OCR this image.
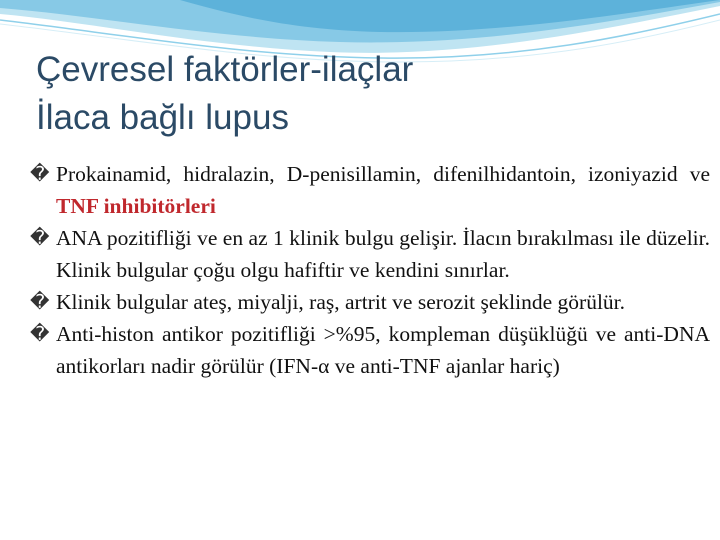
Çevresel faktörler-ilaçlar
İlaca bağlı lupus
� Prokainamid, hidralazin, D-penisillamin, difenilhidantoin, izoniyazid ve TNF inhibitörleri
� ANA pozitifliği ve en az 1 klinik bulgu gelişir. İlacın bırakılması ile düzelir. Klinik bulgular çoğu olgu hafiftir ve kendini sınırlar.
� Klinik bulgular ateş, miyalji, raş, artrit ve serozit şeklinde görülür.
� Anti-histon antikor pozitifliği >%95, kompleman düşüklüğü ve anti-DNA antikorları nadir görülür (IFN-α ve anti-TNF ajanlar hariç)
